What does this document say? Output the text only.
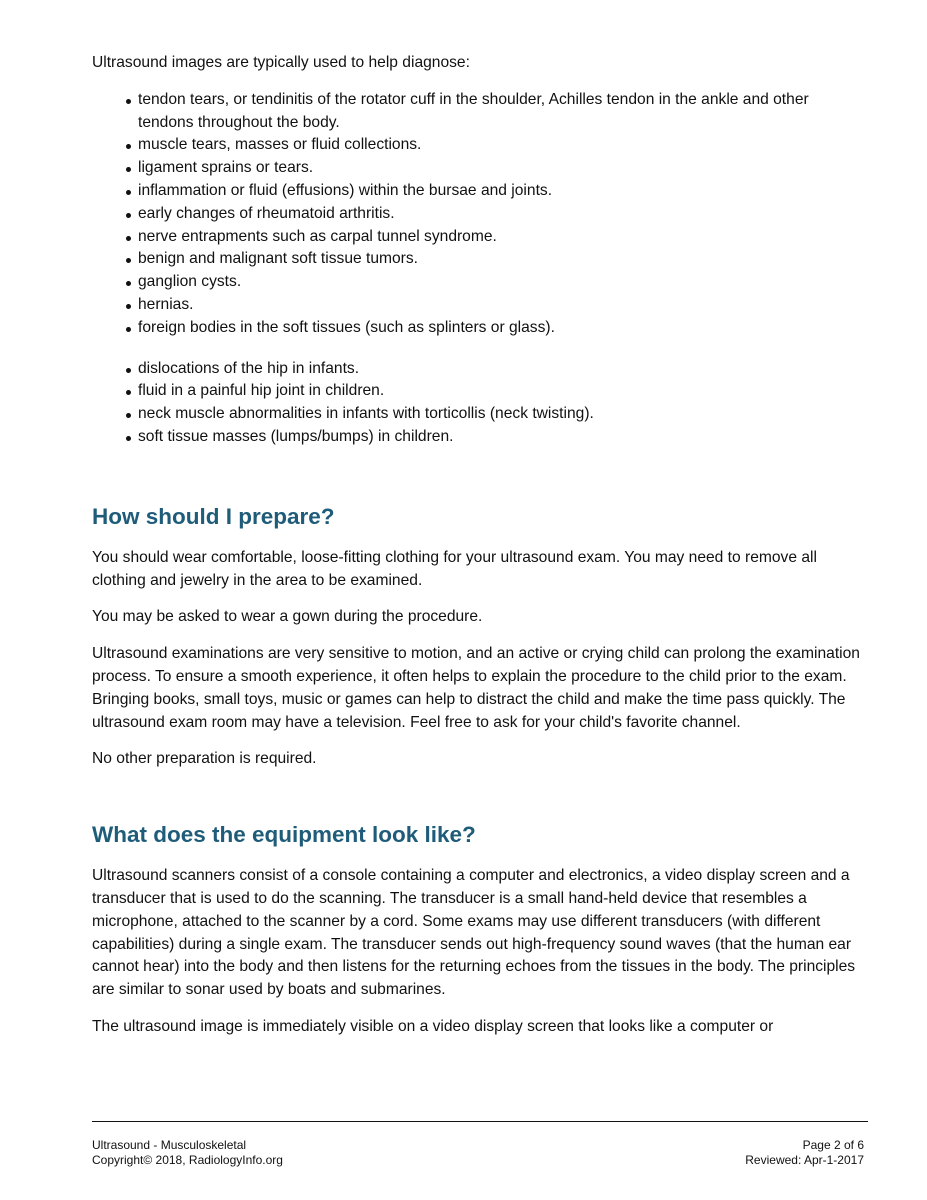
Ultrasound images are typically used to help diagnose:

tendon tears, or tendinitis of the rotator cuff in the shoulder, Achilles tendon in the ankle and other tendons throughout the body.
muscle tears, masses or fluid collections.
ligament sprains or tears.
inflammation or fluid (effusions) within the bursae and joints.
early changes of rheumatoid arthritis.
nerve entrapments such as carpal tunnel syndrome.
benign and malignant soft tissue tumors.
ganglion cysts.
hernias.
foreign bodies in the soft tissues (such as splinters or glass).
dislocations of the hip in infants.
fluid in a painful hip joint in children.
neck muscle abnormalities in infants with torticollis (neck twisting).
soft tissue masses (lumps/bumps) in children.
How should I prepare?

You should wear comfortable, loose-fitting clothing for your ultrasound exam. You may need to remove all clothing and jewelry in the area to be examined.

You may be asked to wear a gown during the procedure.

Ultrasound examinations are very sensitive to motion, and an active or crying child can prolong the examination process. To ensure a smooth experience, it often helps to explain the procedure to the child prior to the exam. Bringing books, small toys, music or games can help to distract the child and make the time pass quickly. The ultrasound exam room may have a television. Feel free to ask for your child's favorite channel.

No other preparation is required.

What does the equipment look like?

Ultrasound scanners consist of a console containing a computer and electronics, a video display screen and a transducer that is used to do the scanning. The transducer is a small hand-held device that resembles a microphone, attached to the scanner by a cord. Some exams may use different transducers (with different capabilities) during a single exam. The transducer sends out high-frequency sound waves (that the human ear cannot hear) into the body and then listens for the returning echoes from the tissues in the body. The principles are similar to sonar used by boats and submarines.

The ultrasound image is immediately visible on a video display screen that looks like a computer or

Ultrasound - Musculoskeletal
Copyright© 2018, RadiologyInfo.org
Page 2 of 6
Reviewed: Apr-1-2017
